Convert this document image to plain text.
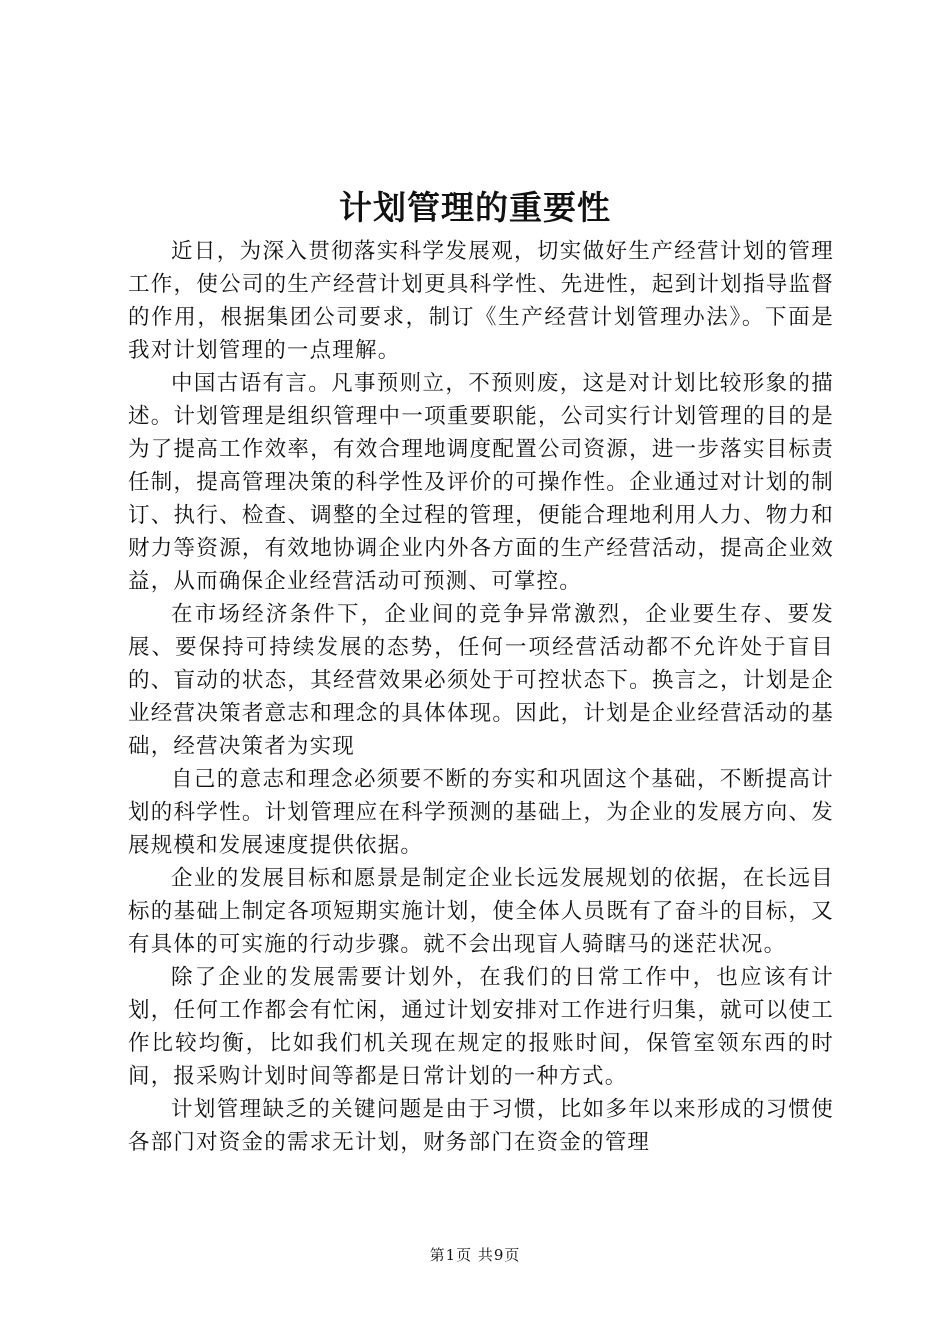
计划管理的重要性

近日，为深入贯彻落实科学发展观，切实做好生产经营计划的管理工作，使公司的生产经营计划更具科学性、先进性，起到计划指导监督的作用，根据集团公司要求，制订《生产经营计划管理办法》。下面是我对计划管理的一点理解。

中国古语有言。凡事预则立，不预则废，这是对计划比较形象的描述。计划管理是组织管理中一项重要职能，公司实行计划管理的目的是为了提高工作效率，有效合理地调度配置公司资源，进一步落实目标责任制，提高管理决策的科学性及评价的可操作性。企业通过对计划的制订、执行、检查、调整的全过程的管理，便能合理地利用人力、物力和财力等资源，有效地协调企业内外各方面的生产经营活动，提高企业效益，从而确保企业经营活动可预测、可掌控。

在市场经济条件下，企业间的竞争异常激烈，企业要生存、要发展、要保持可持续发展的态势，任何一项经营活动都不允许处于盲目的、盲动的状态，其经营效果必须处于可控状态下。换言之，计划是企业经营决策者意志和理念的具体体现。因此，计划是企业经营活动的基础，经营决策者为实现

自己的意志和理念必须要不断的夯实和巩固这个基础，不断提高计划的科学性。计划管理应在科学预测的基础上，为企业的发展方向、发展规模和发展速度提供依据。

企业的发展目标和愿景是制定企业长远发展规划的依据，在长远目标的基础上制定各项短期实施计划，使全体人员既有了奋斗的目标，又有具体的可实施的行动步骤。就不会出现盲人骑瞎马的迷茫状况。

除了企业的发展需要计划外，在我们的日常工作中，也应该有计划，任何工作都会有忙闲，通过计划安排对工作进行归集，就可以使工作比较均衡，比如我们机关现在规定的报账时间，保管室领东西的时间，报采购计划时间等都是日常计划的一种方式。

计划管理缺乏的关键问题是由于习惯，比如多年以来形成的习惯使各部门对资金的需求无计划，财务部门在资金的管理

第1页 共9页
